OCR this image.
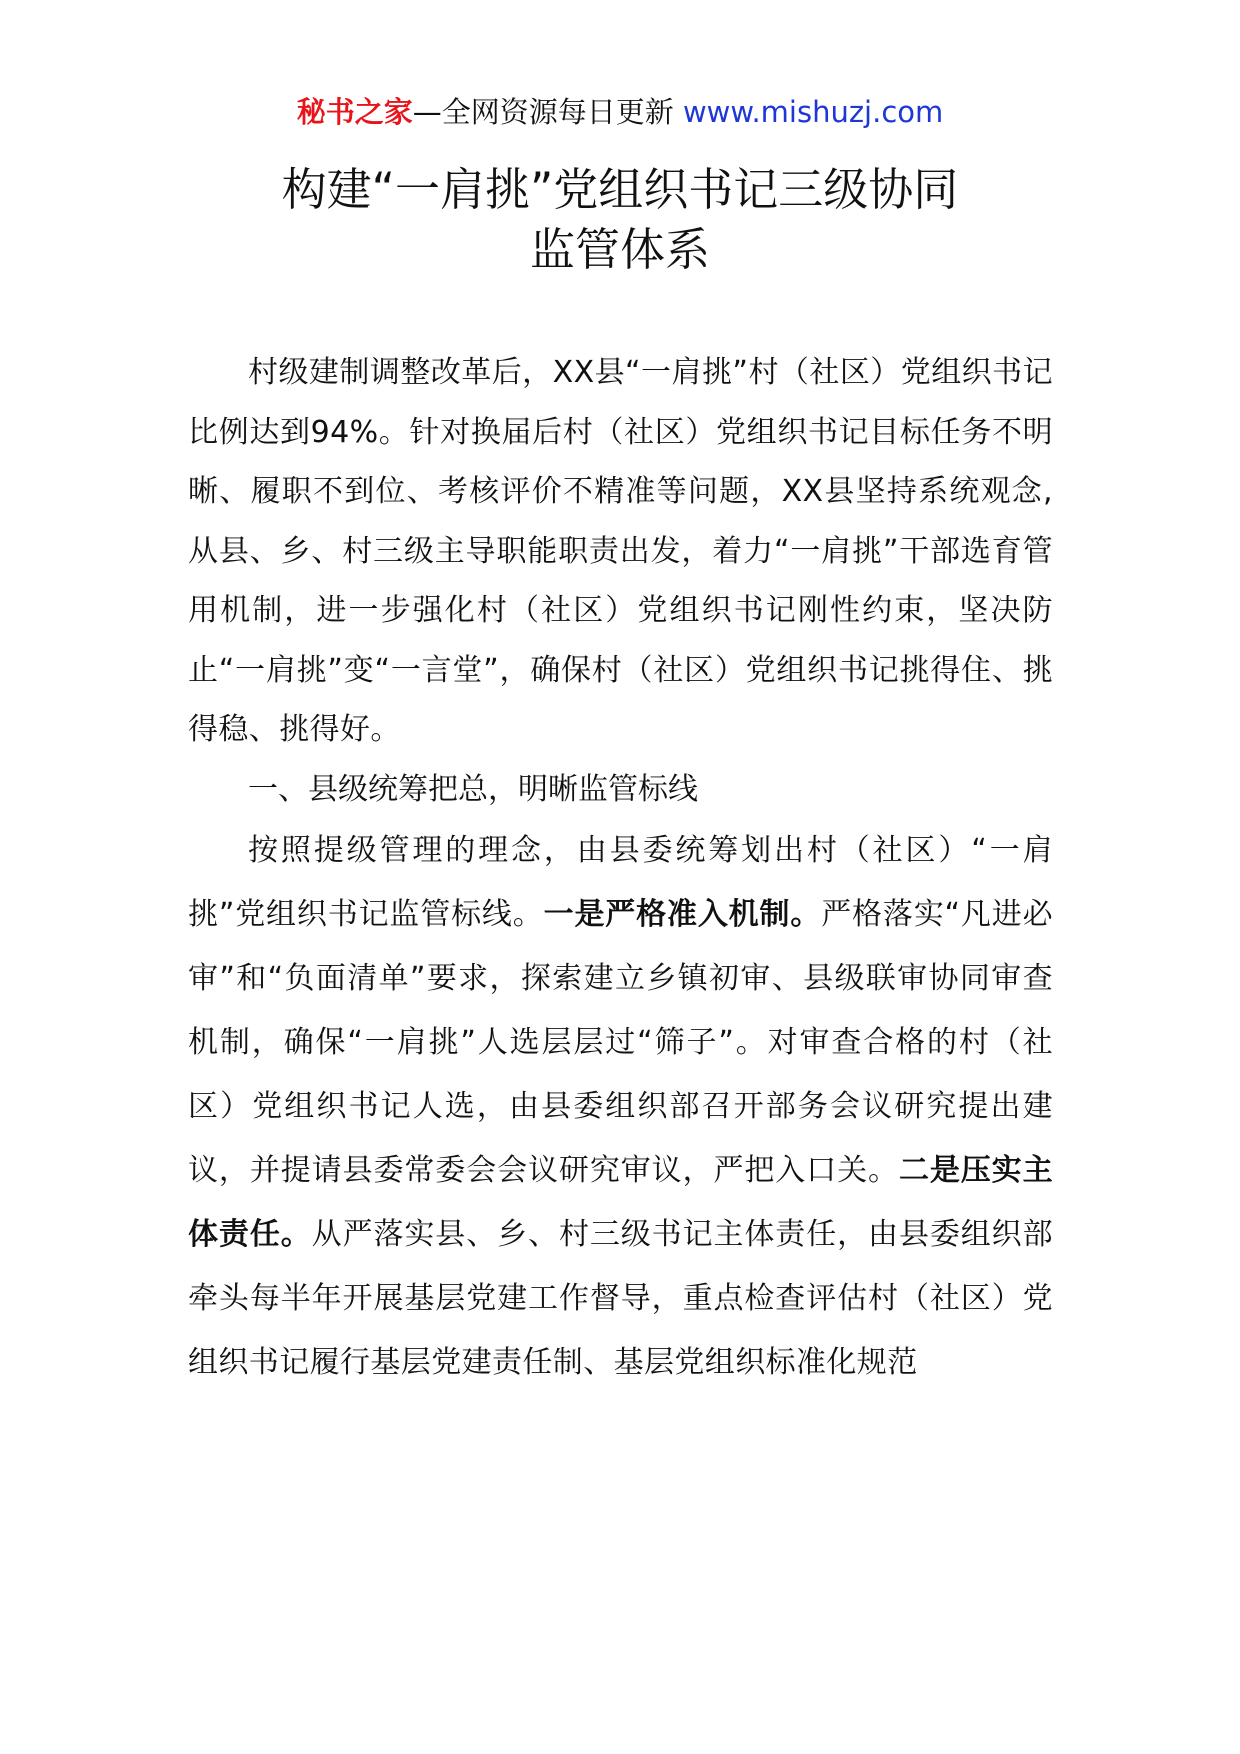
秘书之家—全网资源每日更新 www.mishuzj.com
构建“一肩挑”党组织书记三级协同
监管体系

村级建制调整改革后，XX县“一肩挑”村（社区）党组织书记比例达到94%。针对换届后村（社区）党组织书记目标任务不明晰、履职不到位、考核评价不精准等问题，XX县坚持系统观念,从县、乡、村三级主导职能职责出发，着力“一肩挑”干部选育管用机制，进一步强化村（社区）党组织书记刚性约束，坚决防止“一肩挑”变“一言堂”，确保村（社区）党组织书记挑得住、挑得稳、挑得好。

一、县级统筹把总，明晰监管标线

按照提级管理的理念，由县委统筹划出村（社区）“一肩挑”党组织书记监管标线。一是严格准入机制。严格落实“凡进必审”和“负面清单”要求，探索建立乡镇初审、县级联审协同审查机制，确保“一肩挑”人选层层过“筛子”。对审查合格的村（社区）党组织书记人选，由县委组织部召开部务会议研究提出建议，并提请县委常委会会议研究审议，严把入口关。二是压实主体责任。从严落实县、乡、村三级书记主体责任，由县委组织部牵头每半年开展基层党建工作督导，重点检查评估村（社区）党组织书记履行基层党建责任制、基层党组织标准化规范
